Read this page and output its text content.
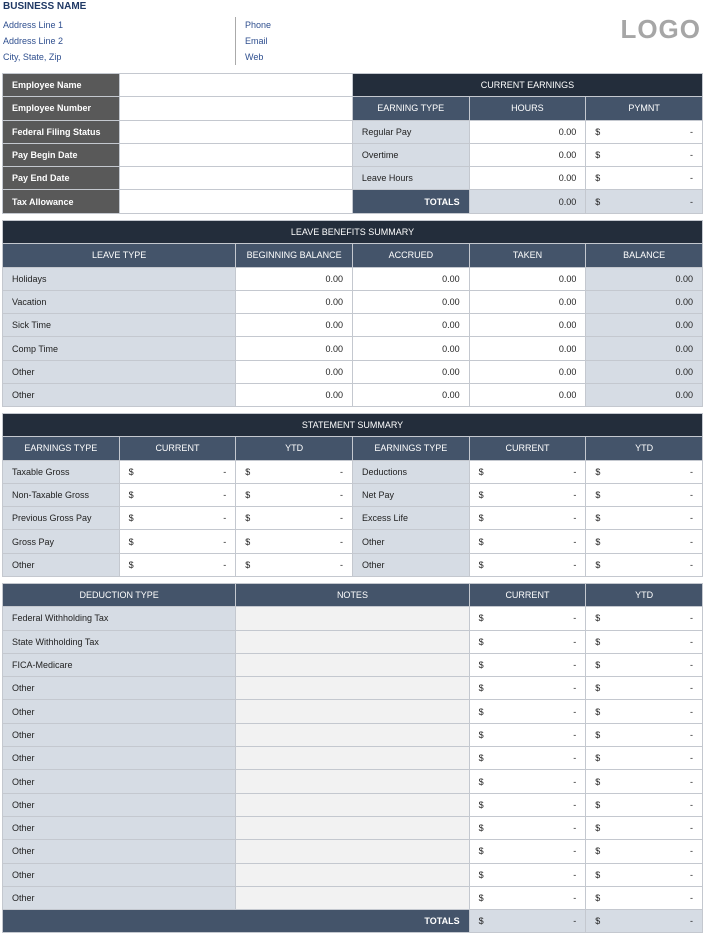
BUSINESS NAME
Address Line 1
Address Line 2
City, State, Zip
Phone
Email
Web
LOGO
Employee Name		CURRENT EARNINGS		
Employee Number		EARNING TYPE	HOURS	PYMNT
Federal Filing Status		Regular Pay	0.00	$ -

Pay Begin Date		Overtime	0.00	$ -

Pay End Date		Leave Hours	0.00	$ -

Tax Allowance		TOTALS	0.00	$ -
LEAVE BENEFITS SUMMARY				
LEAVE TYPE	BEGINNING BALANCE	ACCRUED	TAKEN	BALANCE
Holidays	0.00	0.00	0.00	0.00
Vacation	0.00	0.00	0.00	0.00
Sick Time	0.00	0.00	0.00	0.00
Comp Time	0.00	0.00	0.00	0.00
Other	0.00	0.00	0.00	0.00
Other	0.00	0.00	0.00	0.00
STATEMENT SUMMARY					
EARNINGS TYPE	CURRENT	YTD	EARNINGS TYPE	CURRENT	YTD
Taxable Gross	$ -	$ -	Deductions	$ -	$ -

Non-Taxable Gross	$ -	$ -	Net Pay	$ -	$ -

Previous Gross Pay	$ -	$ -	Excess Life	$ -	$ -

Gross Pay	$ -	$ -	Other	$ -	$ -

Other	$ -	$ -	Other	$ -	$ -
DEDUCTION TYPE	NOTES	CURRENT	YTD
Federal Withholding Tax		$ -	$ -

State Withholding Tax		$ -	$ -

FICA-Medicare		$ -	$ -

Other		$ -	$ -

Other		$ -	$ -

Other		$ -	$ -

Other		$ -	$ -

Other		$ -	$ -

Other		$ -	$ -

Other		$ -	$ -

Other		$ -	$ -

Other		$ -	$ -

Other		$ -	$ -

TOTALS		$ -	$ -
